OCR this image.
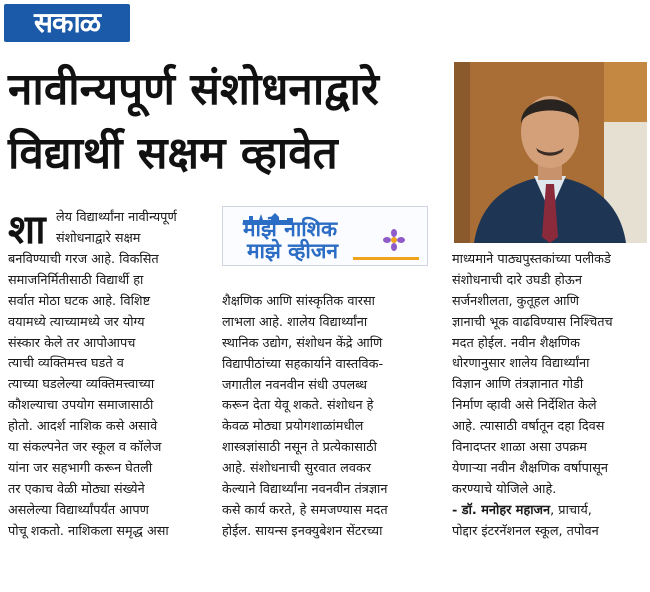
सकाळ
नावीन्यपूर्ण संशोधनाद्वारे
विद्यार्थी सक्षम व्हावेत
माझे नाशिक
माझे व्हीजन
शा लेय विद्यार्थ्यांना नावीन्यपूर्ण
संशोधनाद्वारे सक्षम
बनविण्याची गरज आहे. विकसित
समाजनिर्मितीसाठी विद्यार्थी हा
सर्वात मोठा घटक आहे. विशिष्ट
वयामध्ये त्याच्यामध्ये जर योग्य
संस्कार केले तर आपोआपच
त्याची व्यक्तिमत्त्व घडते व
त्याच्या घडलेल्या व्यक्तिमत्त्वाच्या
कौशल्याचा उपयोग समाजासाठी
होतो. आदर्श नाशिक कसे असावे
या संकल्पनेत जर स्कूल व कॉलेज
यांना जर सहभागी करून घेतली
तर एकाच वेळी मोठ्या संख्येने
असलेल्या विद्यार्थ्यांपर्यंत आपण
पोचू शकतो. नाशिकला समृद्ध असा
शैक्षणिक आणि सांस्कृतिक वारसा
लाभला आहे. शालेय विद्यार्थ्यांना
स्थानिक उद्योग, संशोधन केंद्रे आणि
विद्यापीठांच्या सहकार्याने वास्तविक-
जगातील नवनवीन संधी उपलब्ध
करून देता येवू शकते. संशोधन हे
केवळ मोठ्या प्रयोगशाळांमधील
शास्त्रज्ञांसाठी नसून ते प्रत्येकासाठी
आहे. संशोधनाची सुरवात लवकर
केल्याने विद्यार्थ्यांना नवनवीन तंत्रज्ञान
कसे कार्य करते, हे समजण्यास मदत
होईल. सायन्स इनक्युबेशन सेंटरच्या
माध्यमाने पाठ्यपुस्तकांच्या पलीकडे
संशोधनाची दारे उघडी होऊन
सर्जनशीलता, कुतूहल आणि
ज्ञानाची भूक वाढविण्यास निश्चितच
मदत होईल. नवीन शैक्षणिक
धोरणानुसार शालेय विद्यार्थ्यांना
विज्ञान आणि तंत्रज्ञानात गोडी
निर्माण व्हावी असे निर्देशित केले
आहे. त्यासाठी वर्षातून दहा दिवस
विनादप्तर शाळा असा उपक्रम
येणाऱ्या नवीन शैक्षणिक वर्षापासून
करण्याचे योजिले आहे.
- डॉ. मनोहर महाजन, प्राचार्य,
पोद्दार इंटरनॅशनल स्कूल, तपोवन
